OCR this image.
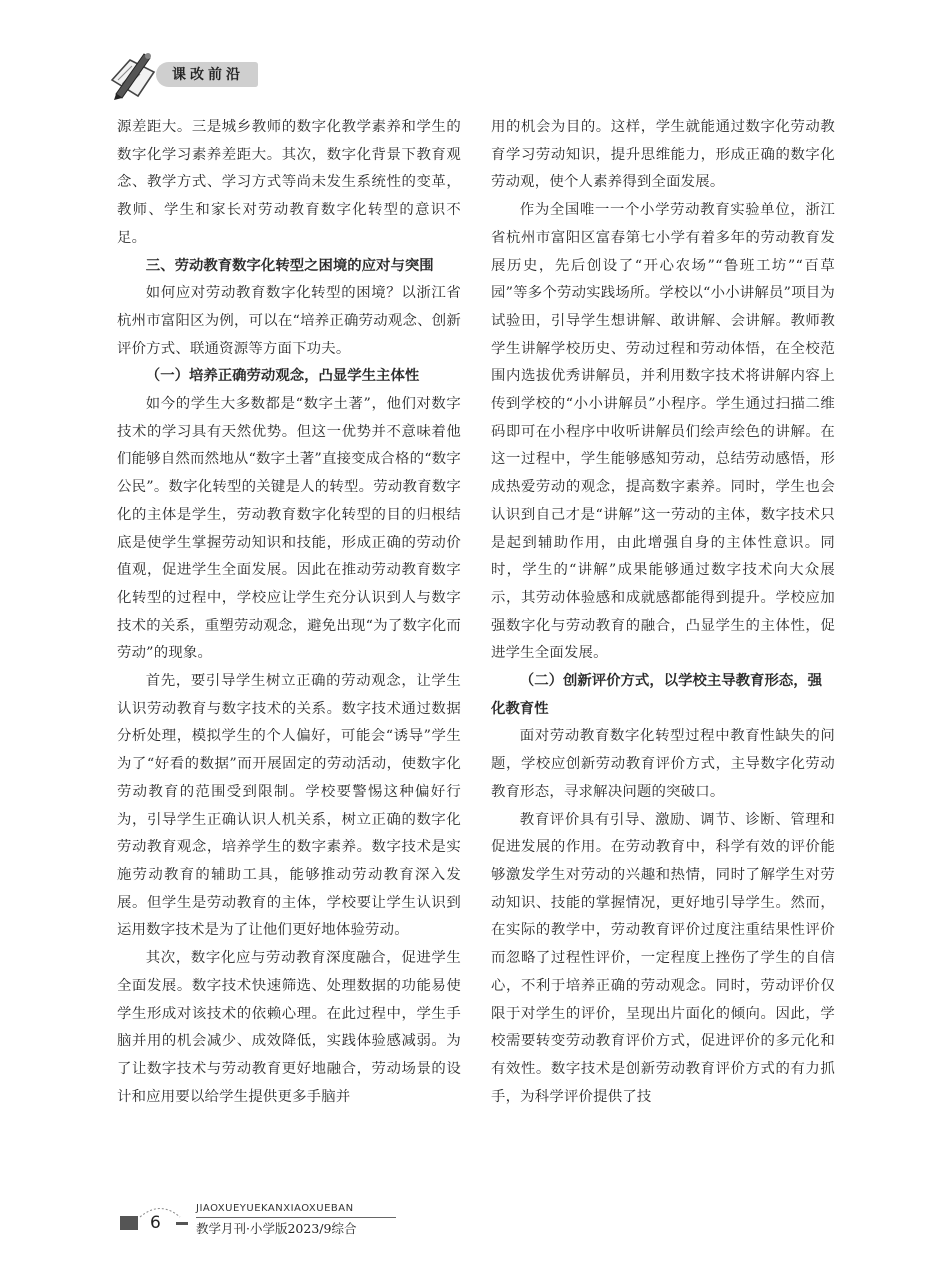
课改前沿

源差距大。三是城乡教师的数字化教学素养和学生的数字化学习素养差距大。其次，数字化背景下教育观念、教学方式、学习方式等尚未发生系统性的变革，教师、学生和家长对劳动教育数字化转型的意识不足。

三、劳动教育数字化转型之困境的应对与突围

如何应对劳动教育数字化转型的困境？以浙江省杭州市富阳区为例，可以在“培养正确劳动观念、创新评价方式、联通资源等方面下功夫。

（一）培养正确劳动观念，凸显学生主体性

如今的学生大多数都是“数字土著”，他们对数字技术的学习具有天然优势。但这一优势并不意味着他们能够自然而然地从“数字土著”直接变成合格的“数字公民”。数字化转型的关键是人的转型。劳动教育数字化的主体是学生，劳动教育数字化转型的目的归根结底是使学生掌握劳动知识和技能，形成正确的劳动价值观，促进学生全面发展。因此在推动劳动教育数字化转型的过程中，学校应让学生充分认识到人与数字技术的关系，重塑劳动观念，避免出现“为了数字化而劳动”的现象。

首先，要引导学生树立正确的劳动观念，让学生认识劳动教育与数字技术的关系。数字技术通过数据分析处理，模拟学生的个人偏好，可能会“诱导”学生为了“好看的数据”而开展固定的劳动活动，使数字化劳动教育的范围受到限制。学校要警惕这种偏好行为，引导学生正确认识人机关系，树立正确的数字化劳动教育观念，培养学生的数字素养。数字技术是实施劳动教育的辅助工具，能够推动劳动教育深入发展。但学生是劳动教育的主体，学校要让学生认识到运用数字技术是为了让他们更好地体验劳动。

其次，数字化应与劳动教育深度融合，促进学生全面发展。数字技术快速筛选、处理数据的功能易使学生形成对该技术的依赖心理。在此过程中，学生手脑并用的机会减少、成效降低，实践体验感减弱。为了让数字技术与劳动教育更好地融合，劳动场景的设计和应用要以给学生提供更多手脑并

用的机会为目的。这样，学生就能通过数字化劳动教育学习劳动知识，提升思维能力，形成正确的数字化劳动观，使个人素养得到全面发展。

作为全国唯一一个小学劳动教育实验单位，浙江省杭州市富阳区富春第七小学有着多年的劳动教育发展历史，先后创设了“开心农场”“鲁班工坊”“百草园”等多个劳动实践场所。学校以“小小讲解员”项目为试验田，引导学生想讲解、敢讲解、会讲解。教师教学生讲解学校历史、劳动过程和劳动体悟，在全校范围内选拔优秀讲解员，并利用数字技术将讲解内容上传到学校的“小小讲解员”小程序。学生通过扫描二维码即可在小程序中收听讲解员们绘声绘色的讲解。在这一过程中，学生能够感知劳动，总结劳动感悟，形成热爱劳动的观念，提高数字素养。同时，学生也会认识到自己才是“讲解”这一劳动的主体，数字技术只是起到辅助作用，由此增强自身的主体性意识。同时，学生的“讲解”成果能够通过数字技术向大众展示，其劳动体验感和成就感都能得到提升。学校应加强数字化与劳动教育的融合，凸显学生的主体性，促进学生全面发展。

（二）创新评价方式，以学校主导教育形态，强化教育性

面对劳动教育数字化转型过程中教育性缺失的问题，学校应创新劳动教育评价方式，主导数字化劳动教育形态，寻求解决问题的突破口。

教育评价具有引导、激励、调节、诊断、管理和促进发展的作用。在劳动教育中，科学有效的评价能够激发学生对劳动的兴趣和热情，同时了解学生对劳动知识、技能的掌握情况，更好地引导学生。然而，在实际的教学中，劳动教育评价过度注重结果性评价而忽略了过程性评价，一定程度上挫伤了学生的自信心，不利于培养正确的劳动观念。同时，劳动评价仅限于对学生的评价，呈现出片面化的倾向。因此，学校需要转变劳动教育评价方式，促进评价的多元化和有效性。数字技术是创新劳动教育评价方式的有力抓手，为科学评价提供了技

6
JIAOXUEYUEKANXIAOXUEBAN
教学月刊·小学版2023/9综合
